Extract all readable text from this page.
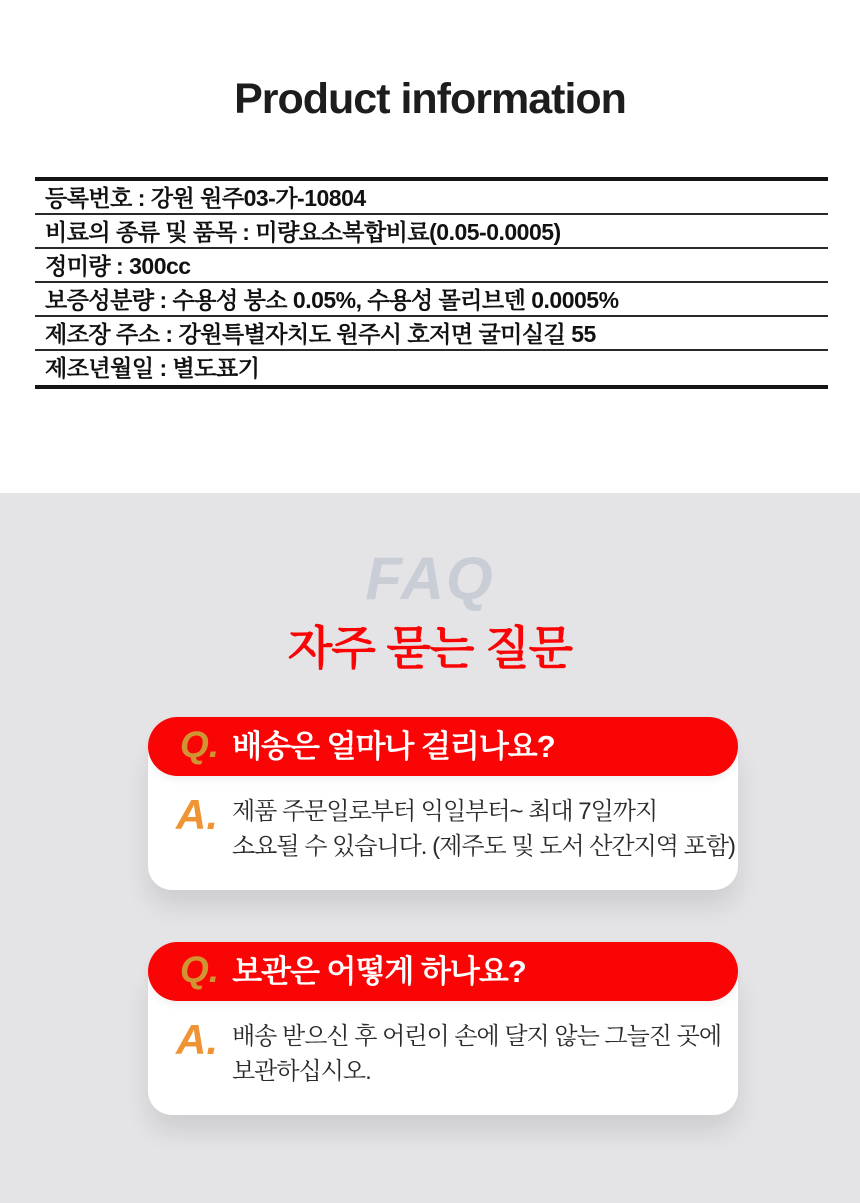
Product information
등록번호 : 강원 원주03-가-10804
비료의 종류 및 품목 : 미량요소복합비료(0.05-0.0005)
정미량 : 300cc
보증성분량 : 수용성 붕소 0.05%, 수용성 몰리브덴 0.0005%
제조장 주소 : 강원특별자치도 원주시 호저면 굴미실길 55
제조년월일 : 별도표기
FAQ
자주 묻는 질문
Q. 배송은 얼마나 걸리나요?
A. 제품 주문일로부터 익일부터~ 최대 7일까지
소요될 수 있습니다. (제주도 및 도서 산간지역 포함)
Q. 보관은 어떻게 하나요?
A. 배송 받으신 후 어린이 손에 달지 않는 그늘진 곳에
보관하십시오.
